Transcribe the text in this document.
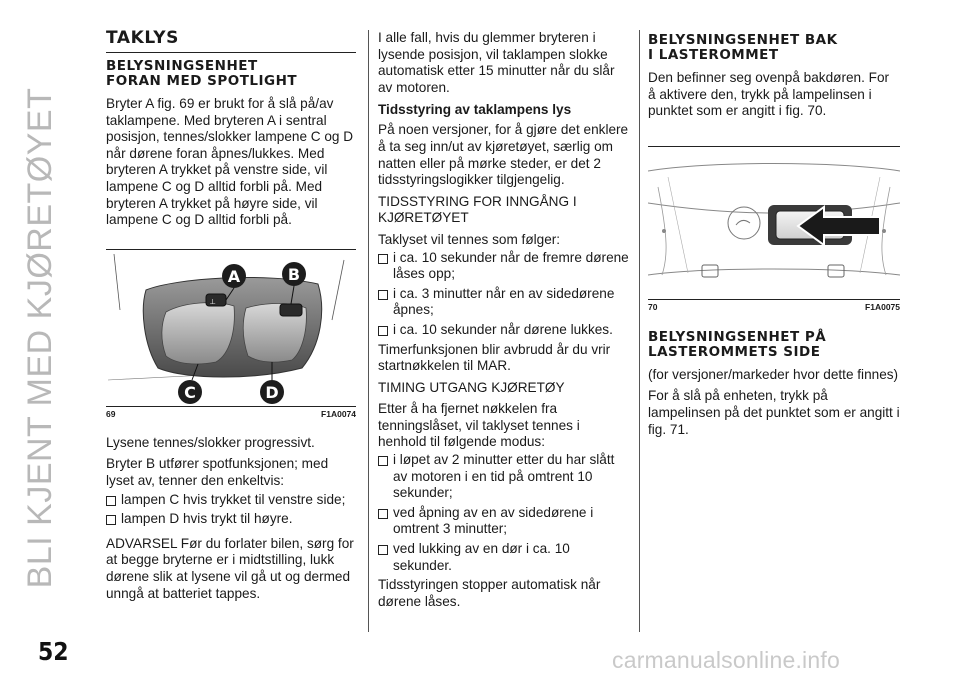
BLI KJENT MED KJØRETØYET
TAKLYS
BELYSNINGSENHET
FORAN MED SPOTLIGHT

Bryter A fig. 69 er brukt for å slå på/av taklampene. Med bryteren A i sentral posisjon, tennes/slokker lampene C og D når dørene foran åpnes/lukkes. Med bryteren A trykket på venstre side, vil lampene C og D alltid forbli på. Med bryteren A trykket på høyre side, vil lampene C og D alltid forbli på.

⟂
A	B
C	D
69	F1A0074

Lysene tennes/slokker progressivt.

Bryter B utfører spotfunksjonen; med lyset av, tenner den enkeltvis:

lampen C hvis trykket til venstre side;
lampen D hvis trykt til høyre.

ADVARSEL Før du forlater bilen, sørg for at begge bryterne er i midtstilling, lukk dørene slik at lysene vil gå ut og dermed unngå at batteriet tappes.

I alle fall, hvis du glemmer bryteren i lysende posisjon, vil taklampen slokke automatisk etter 15 minutter når du slår av motoren.

Tidsstyring av taklampens lys

På noen versjoner, for å gjøre det enklere å ta seg inn/ut av kjøretøyet, særlig om natten eller på mørke steder, er det 2 tidsstyringslogikker tilgjengelig.

TIDSSTYRING FOR INNGÅNG I KJØRETØYET

Taklyset vil tennes som følger:

i ca. 10 sekunder når de fremre dørene låses opp;
i ca. 3 minutter når en av sidedørene åpnes;
i ca. 10 sekunder når dørene lukkes.

Timerfunksjonen blir avbrudd år du vrir startnøkkelen til MAR.

TIMING UTGANG KJØRETØY

Etter å ha fjernet nøkkelen fra tenningslåset, vil taklyset tennes i henhold til følgende modus:

i løpet av 2 minutter etter du har slått av motoren i en tid på omtrent 10 sekunder;
ved åpning av en av sidedørene i omtrent 3 minutter;
ved lukking av en dør i ca. 10 sekunder.

Tidsstyringen stopper automatisk når dørene låses.

BELYSNINGSENHET BAK
I LASTEROMMET

Den befinner seg ovenpå bakdøren. For å aktivere den, trykk på lampelinsen i punktet som er angitt i fig. 70.

70	F1A0075
BELYSNINGSENHET PÅ
LASTEROMMETS SIDE

(for versjoner/markeder hvor dette finnes)

For å slå på enheten, trykk på lampelinsen på det punktet som er angitt i fig. 71.

52	carmanualsonline.info
